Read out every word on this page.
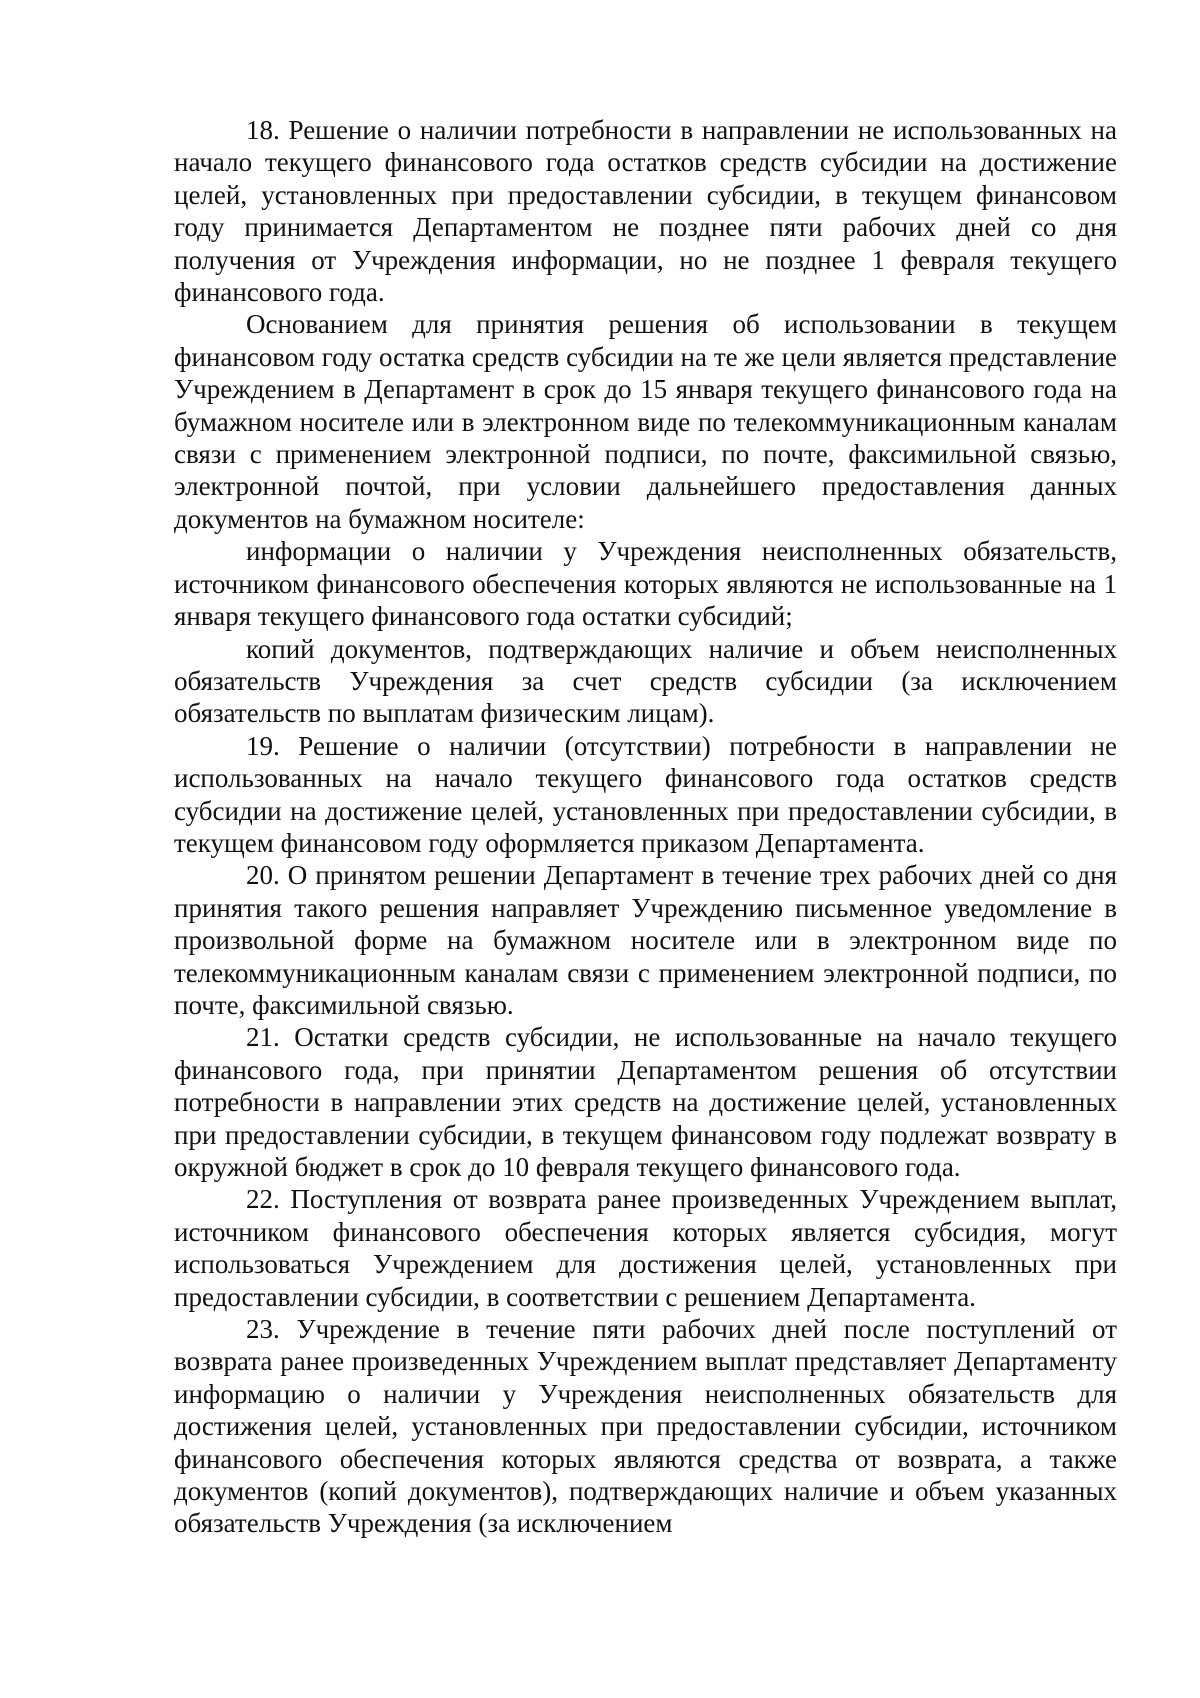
18. Решение о наличии потребности в направлении не использованных на начало текущего финансового года остатков средств субсидии на достижение целей, установленных при предоставлении субсидии, в текущем финансовом году принимается Департаментом не позднее пяти рабочих дней со дня получения от Учреждения информации, но не позднее 1 февраля текущего финансового года.

Основанием для принятия решения об использовании в текущем финансовом году остатка средств субсидии на те же цели является представление Учреждением в Департамент в срок до 15 января текущего финансового года на бумажном носителе или в электронном виде по телекоммуникационным каналам связи с применением электронной подписи, по почте, факсимильной связью, электронной почтой, при условии дальнейшего предоставления данных документов на бумажном носителе:

информации о наличии у Учреждения неисполненных обязательств, источником финансового обеспечения которых являются не использованные на 1 января текущего финансового года остатки субсидий;

копий документов, подтверждающих наличие и объем неисполненных обязательств Учреждения за счет средств субсидии (за исключением обязательств по выплатам физическим лицам).

19. Решение о наличии (отсутствии) потребности в направлении не использованных на начало текущего финансового года остатков средств субсидии на достижение целей, установленных при предоставлении субсидии, в текущем финансовом году оформляется приказом Департамента.

20. О принятом решении Департамент в течение трех рабочих дней со дня принятия такого решения направляет Учреждению письменное уведомление в произвольной форме на бумажном носителе или в электронном виде по телекоммуникационным каналам связи с применением электронной подписи, по почте, факсимильной связью.

21. Остатки средств субсидии, не использованные на начало текущего финансового года, при принятии Департаментом решения об отсутствии потребности в направлении этих средств на достижение целей, установленных при предоставлении субсидии, в текущем финансовом году подлежат возврату в окружной бюджет в срок до 10 февраля текущего финансового года.

22. Поступления от возврата ранее произведенных Учреждением выплат, источником финансового обеспечения которых является субсидия, могут использоваться Учреждением для достижения целей, установленных при предоставлении субсидии, в соответствии с решением Департамента.

23. Учреждение в течение пяти рабочих дней после поступлений от возврата ранее произведенных Учреждением выплат представляет Департаменту информацию о наличии у Учреждения неисполненных обязательств для достижения целей, установленных при предоставлении субсидии, источником финансового обеспечения которых являются средства от возврата, а также документов (копий документов), подтверждающих наличие и объем указанных обязательств Учреждения (за исключением
